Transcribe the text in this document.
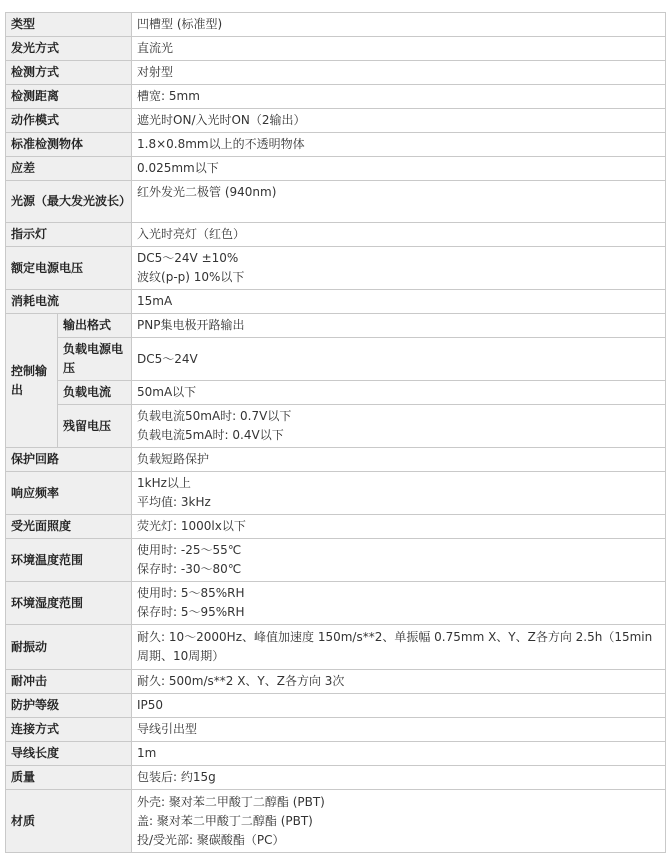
类型		凹槽型 (标准型)

发光方式		直流光

检测方式		对射型

检测距离		槽宽: 5mm

动作模式		遮光时ON/入光时ON（2输出）

标准检测物体		1.8×0.8mm以上的不透明物体

应差		0.025mm以下

光源（最大发光波长）		红外发光二极管 (940nm)

指示灯		入光时亮灯（红色）

额定电源电压		DC5～24V ±10%
波纹(p-p) 10%以下

消耗电流		15mA

控制输出	输出格式	PNP集电极开路输出

	负载电源电压	DC5～24V

	负载电流	50mA以下

	残留电压	负载电流50mA时: 0.7V以下
负载电流5mA时: 0.4V以下

保护回路		负载短路保护

响应频率		1kHz以上
平均值: 3kHz

受光面照度		荧光灯: 1000lx以下

环境温度范围		使用时: -25～55℃
保存时: -30～80℃

环境湿度范围		使用时: 5～85%RH
保存时: 5～95%RH

耐振动		耐久: 10～2000Hz、峰值加速度 150m/s**2、单振幅 0.75mm X、Y、Z各方向 2.5h（15min周期、10周期）

耐冲击		耐久: 500m/s**2 X、Y、Z各方向 3次

防护等级		IP50

连接方式		导线引出型

导线长度		1m

质量		包装后: 约15g

材质		外壳: 聚对苯二甲酸丁二醇酯 (PBT)
盖: 聚对苯二甲酸丁二醇酯 (PBT)
投/受光部: 聚碳酸酯（PC）
